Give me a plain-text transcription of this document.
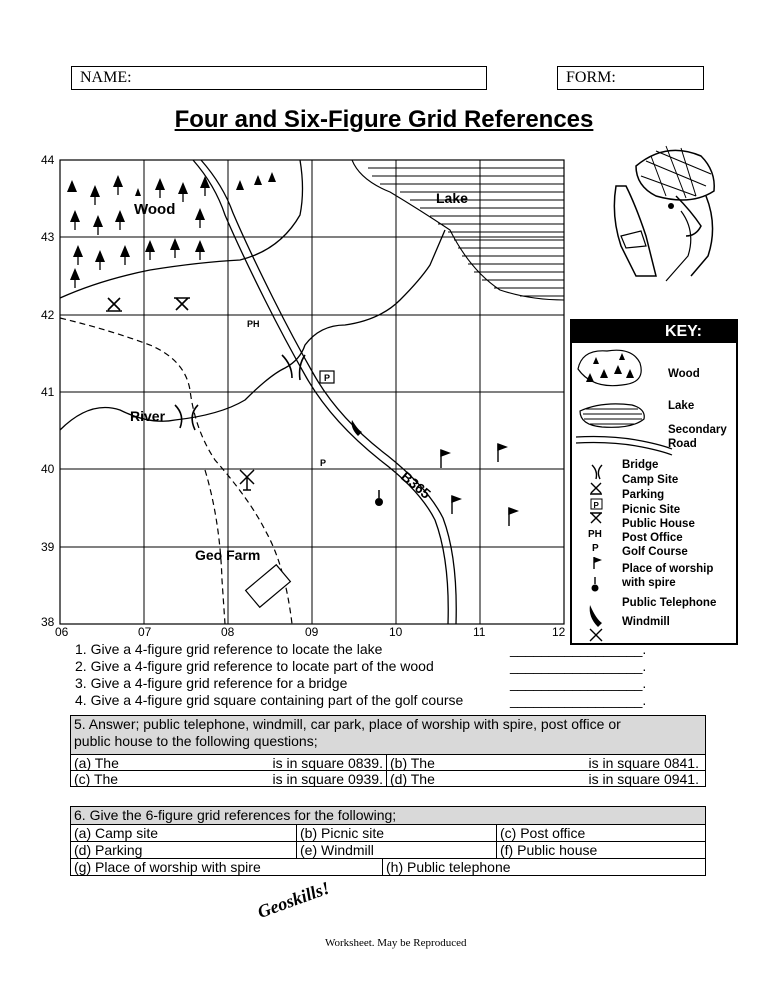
NAME:	FORM:
Four and Six-Figure Grid References
44
43
42
41
40
39
38
06	07	08	09	10	11	12
Wood
Lake
River
Geo Farm
PH
P
P
B365
KEY:
P
PH
P
Wood
Lake
Secondary
Road
Bridge
Camp Site
Parking
Picnic Site
Public House
Post Office
Golf Course
Place of worship
with spire
Public Telephone
Windmill
1. Give a 4-figure grid reference to locate the lake	_________________.
2. Give a 4-figure grid reference to locate part of the wood	_________________.
3. Give a 4-figure grid reference for a bridge	_________________.
4. Give a 4-figure grid square containing part of the golf course	_________________.
5. Answer; public telephone, windmill, car park, place of worship with spire, post office or
public house to the following questions;
(a) The	is in square 0839. (b) The	is in square 0841.
(c) The	is in square 0939. (d) The	is in square 0941.
6. Give the 6-figure grid references for the following;
(a) Camp site	(b) Picnic site	(c) Post office
(d) Parking	(e) Windmill	(f) Public house
(g) Place of worship with spire	(h) Public telephone
Geoskills!
Worksheet. May be Reproduced
